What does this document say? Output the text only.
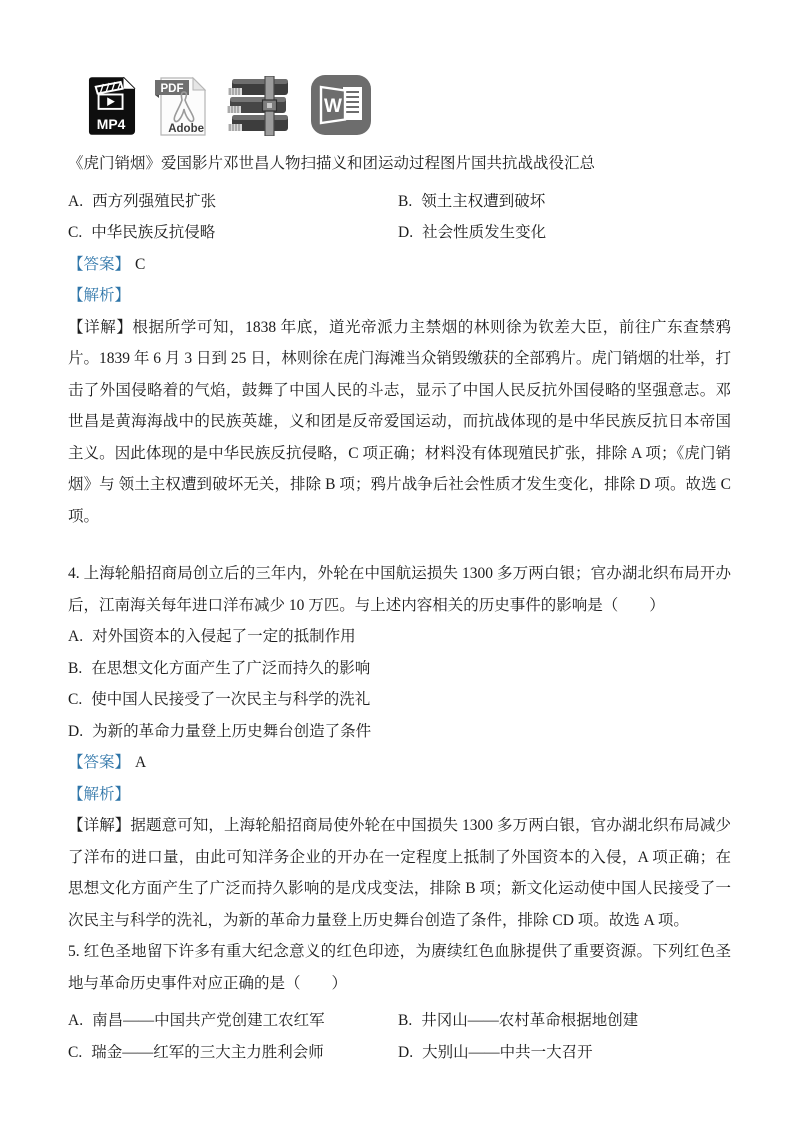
MP4
PDF
Adobe
W

《虎门销烟》爱国影片邓世昌人物扫描义和团运动过程图片国共抗战战役汇总

A. 西方列强殖民扩张	B. 领土主权遭到破坏
C. 中华民族反抗侵略	D. 社会性质发生变化

【答案】 C

【解析】

【详解】根据所学可知，1838 年底，道光帝派力主禁烟的林则徐为钦差大臣，前往广东查禁鸦片。1839 年 6 月 3 日到 25 日，林则徐在虎门海滩当众销毁缴获的全部鸦片。虎门销烟的壮举，打击了外国侵略着的气焰，鼓舞了中国人民的斗志，显示了中国人民反抗外国侵略的坚强意志。邓世昌是黄海海战中的民族英雄，义和团是反帝爱国运动，而抗战体现的是中华民族反抗日本帝国主义。因此体现的是中华民族反抗侵略，C 项正确；材料没有体现殖民扩张，排除 A 项；《虎门销烟》与 领土主权遭到破坏无关，排除 B 项；鸦片战争后社会性质才发生变化，排除 D 项。故选 C 项。

4. 上海轮船招商局创立后的三年内，外轮在中国航运损失 1300 多万两白银；官办湖北织布局开办后，江南海关每年进口洋布减少 10 万匹。与上述内容相关的历史事件的影响是（　　）

A. 对外国资本的入侵起了一定的抵制作用

B. 在思想文化方面产生了广泛而持久的影响

C. 使中国人民接受了一次民主与科学的洗礼

D. 为新的革命力量登上历史舞台创造了条件

【答案】 A

【解析】

【详解】据题意可知，上海轮船招商局使外轮在中国损失 1300 多万两白银，官办湖北织布局减少了洋布的进口量，由此可知洋务企业的开办在一定程度上抵制了外国资本的入侵，A 项正确；在思想文化方面产生了广泛而持久影响的是戊戌变法，排除 B 项；新文化运动使中国人民接受了一次民主与科学的洗礼，为新的革命力量登上历史舞台创造了条件，排除 CD 项。故选 A 项。

5. 红色圣地留下许多有重大纪念意义的红色印迹，为赓续红色血脉提供了重要资源。下列红色圣地与革命历史事件对应正确的是（　　）

A. 南昌——中国共产党创建工农红军	B. 井冈山——农村革命根据地创建
C. 瑞金——红军的三大主力胜利会师	D. 大别山——中共一大召开
